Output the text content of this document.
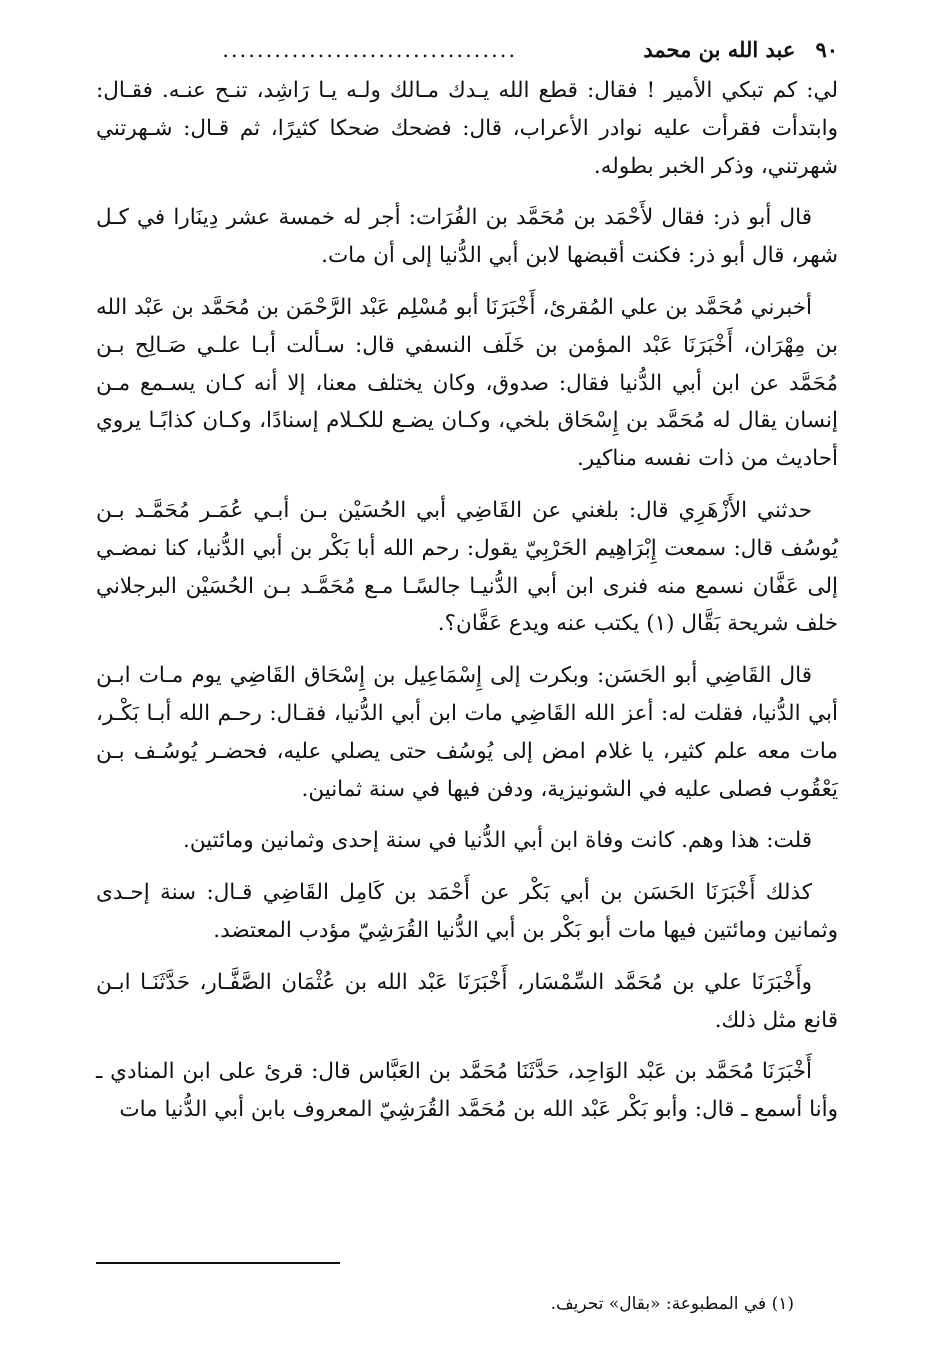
٩٠
عبد الله بن محمد
..................................

لي: كم تبكي الأمير ! فقال: قطع الله يـدك مـالك ولـه يـا رَاشِد، تنـح عنـه. فقـال: وابتدأت فقرأت عليه نوادر الأعراب، قال: فضحك ضحكا كثيرًا، ثم قـال: شـهرتني شهرتني، وذكر الخبر بطوله.

قال أبو ذر: فقال لأَحْمَد بن مُحَمَّد بن الفُرَات: أجر له خمسة عشر دِينَارا في كـل شهر، قال أبو ذر: فكنت أقبضها لابن أبي الدُّنيا إلى أن مات.

أخبرني مُحَمَّد بن علي المُقرئ، أَخْبَرَنَا أبو مُسْلِم عَبْد الرَّحْمَن بن مُحَمَّد بن عَبْد الله بن مِهْرَان، أَخْبَرَنَا عَبْد المؤمن بن خَلَف النسفي قال: سـألت أبـا علـي صَـالِح بـن مُحَمَّد عن ابن أبي الدُّنيا فقال: صدوق، وكان يختلف معنا، إلا أنه كـان يسـمع مـن إنسان يقال له مُحَمَّد بن إِسْحَاق بلخي، وكـان يضـع للكـلام إسنادًا، وكـان كذابًـا يروي أحاديث من ذات نفسه مناكير.

حدثني الأَزْهَرِي قال: بلغني عن القَاضِي أبي الحُسَيْن بـن أبـي عُمَـر مُحَمَّـد بـن يُوسُف قال: سمعت إِبْرَاهِيم الحَرْبِيّ يقول: رحم الله أبا بَكْر بن أبي الدُّنيا، كنا نمضـي إلى عَفَّان نسمع منه فنرى ابن أبي الدُّنيـا جالسًـا مـع مُحَمَّـد بـن الحُسَيْن البرجلاني خلف شريحة بَقَّال (١) يكتب عنه ويدع عَفَّان؟.

قال القَاضِي أبو الحَسَن: وبكرت إلى إِسْمَاعِيل بن إِسْحَاق القَاضِي يوم مـات ابـن أبي الدُّنيا، فقلت له: أعز الله القَاضِي مات ابن أبي الدُّنيا، فقـال: رحـم الله أبـا بَكْـر، مات معه علم كثير، يا غلام امض إلى يُوسُف حتى يصلي عليه، فحضـر يُوسُـف بـن يَعْقُوب فصلى عليه في الشونيزية، ودفن فيها في سنة ثمانين.

قلت: هذا وهم. كانت وفاة ابن أبي الدُّنيا في سنة إحدى وثمانين ومائتين.

كذلك أَخْبَرَنَا الحَسَن بن أبي بَكْر عن أَحْمَد بن كَامِل القَاضِي قـال: سنة إحـدى وثمانين ومائتين فيها مات أبو بَكْر بن أبي الدُّنيا القُرَشِيّ مؤدب المعتضد.

وأَخْبَرَنَا علي بن مُحَمَّد السِّمْسَار، أَخْبَرَنَا عَبْد الله بن عُثْمَان الصَّفَّـار، حَدَّثَنَـا ابـن قانع مثل ذلك.

أَخْبَرَنَا مُحَمَّد بن عَبْد الوَاحِد، حَدَّثَنَا مُحَمَّد بن العَبَّاس قال: قرئ على ابن المنادي ـ وأنا أسمع ـ قال: وأبو بَكْر عَبْد الله بن مُحَمَّد القُرَشِيّ المعروف بابن أبي الدُّنيا مات

(١) في المطبوعة: «بقال» تحريف.
